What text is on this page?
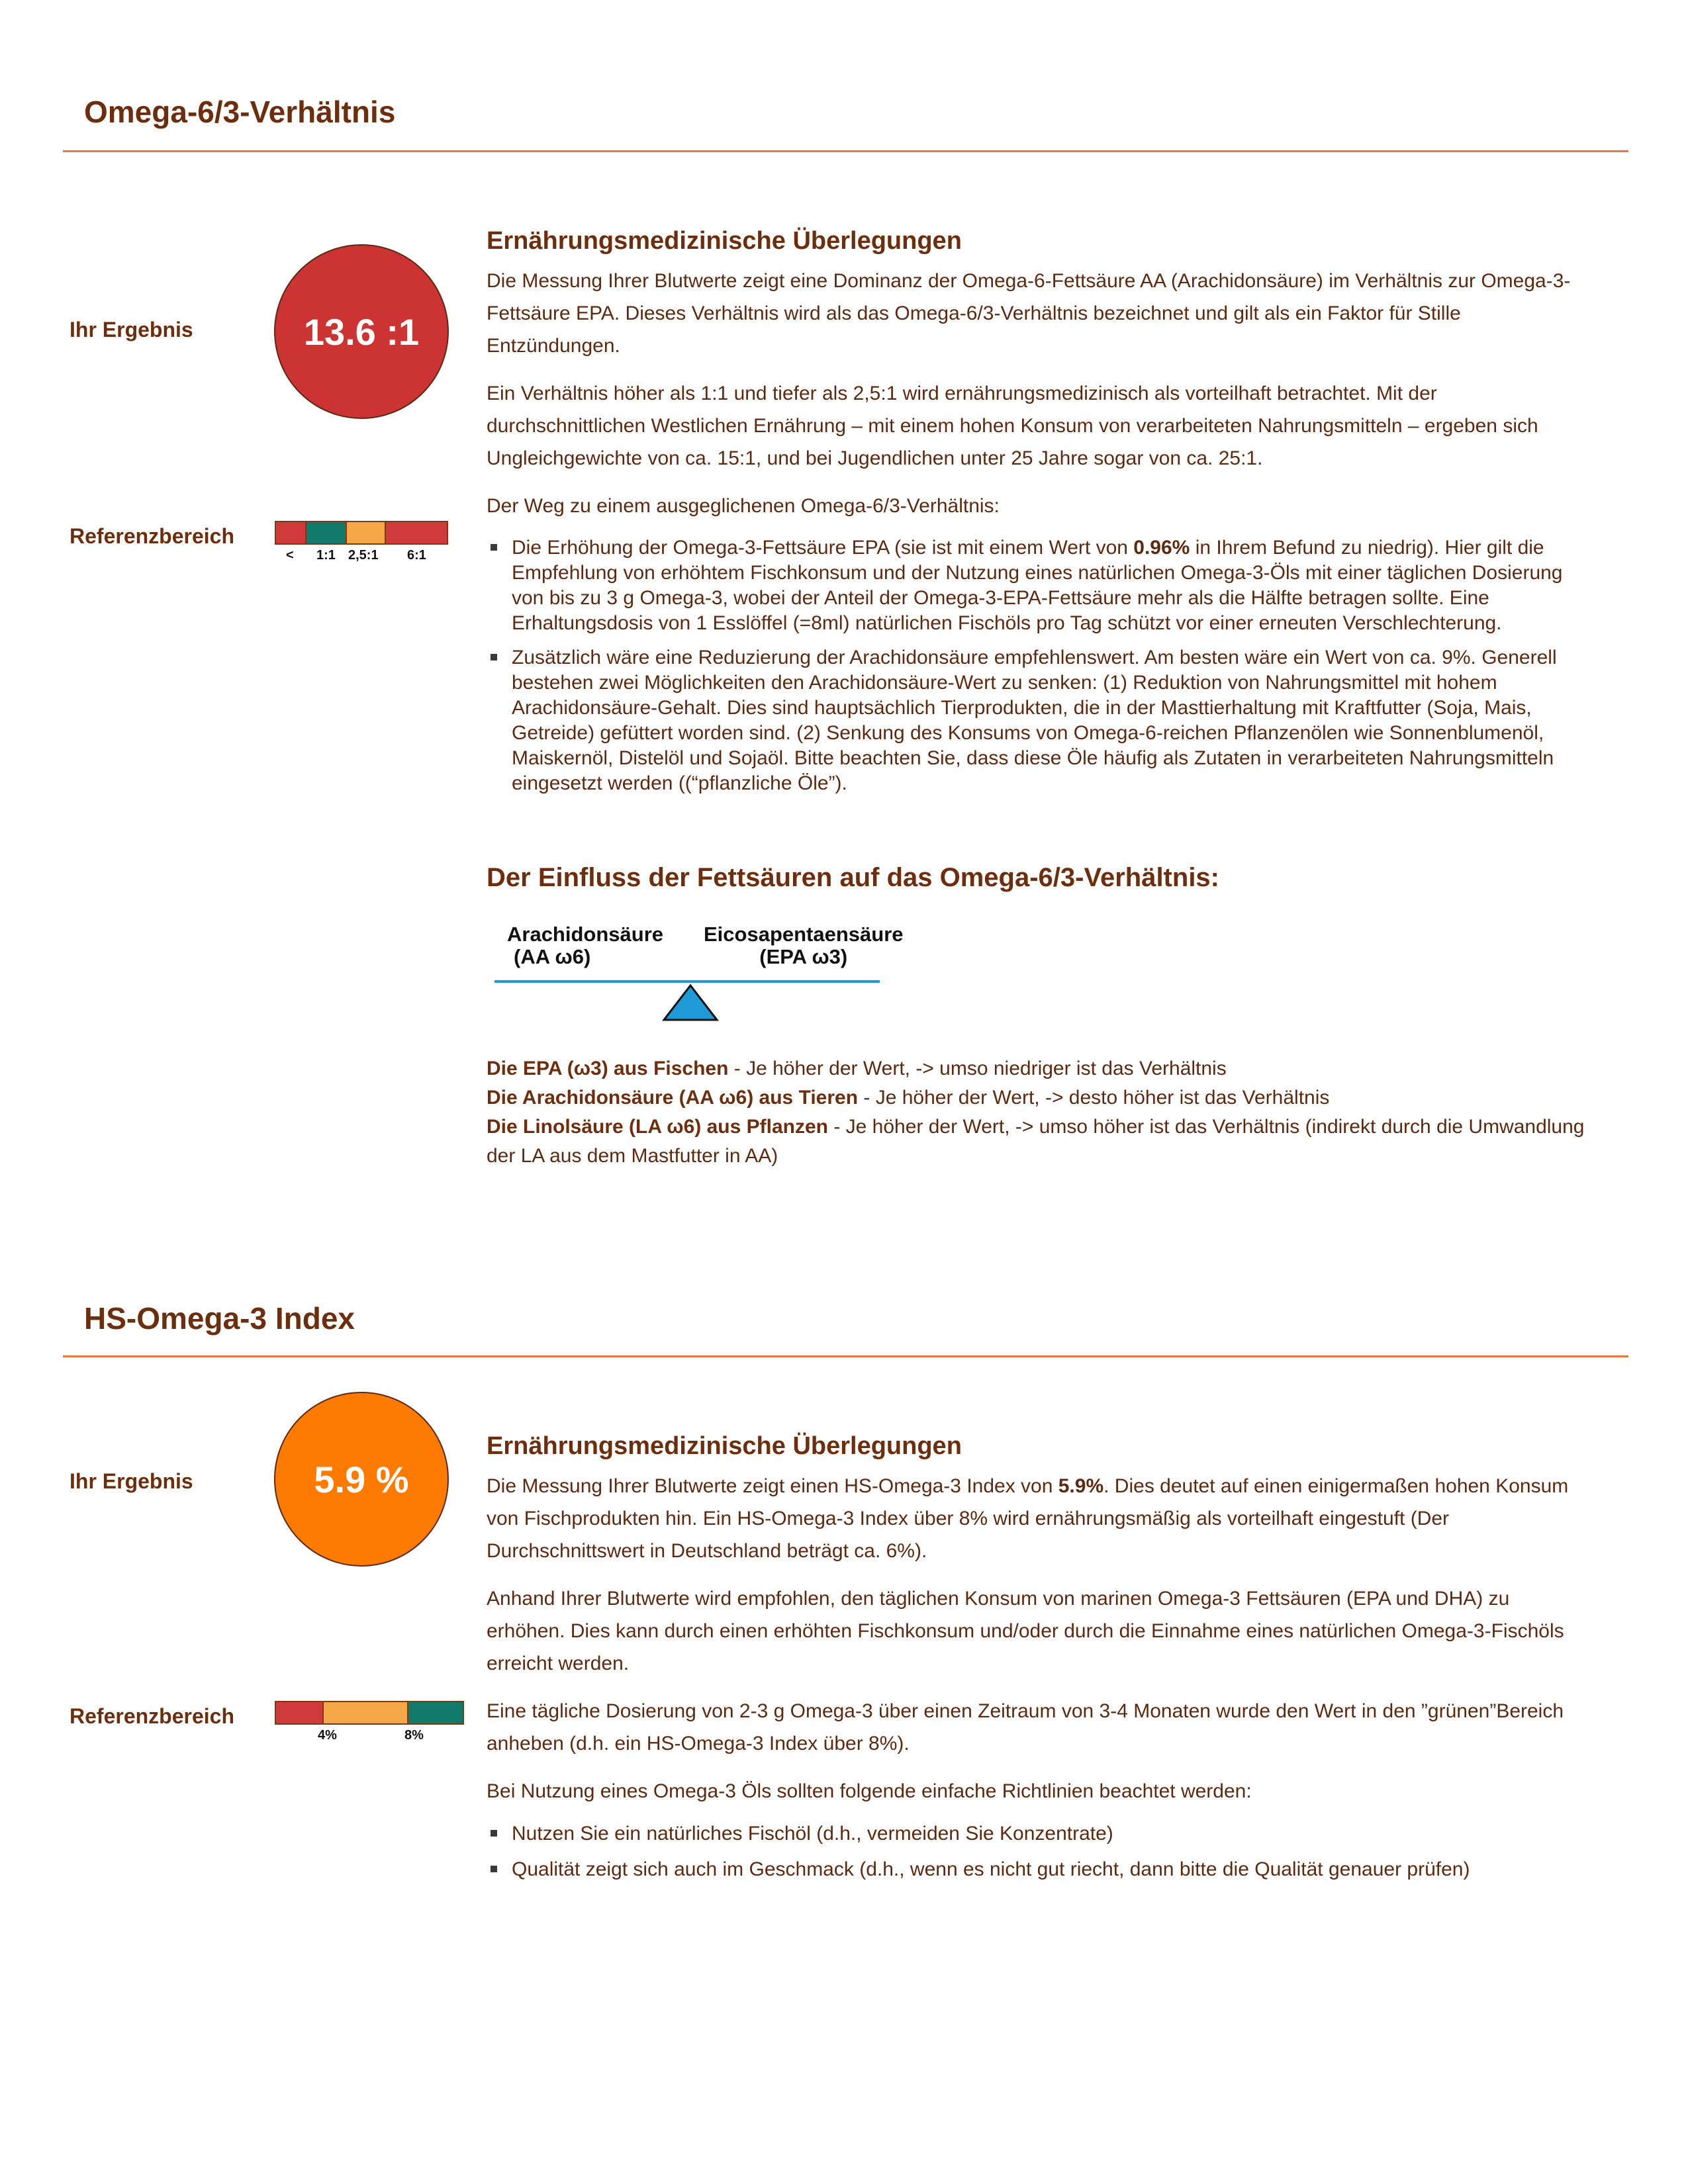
Omega-6/3-Verhältnis
Ihr Ergebnis	13.6 :1
Referenzbereich
< 1:1 2,5:1 6:1
Ernährungsmedizinische Überlegungen

Die Messung Ihrer Blutwerte zeigt eine Dominanz der Omega-6-Fettsäure AA (Arachidonsäure) im Verhältnis zur Omega-3-Fettsäure EPA. Dieses Verhältnis wird als das Omega-6/3-Verhältnis bezeichnet und gilt als ein Faktor für Stille Entzündungen.

Ein Verhältnis höher als 1:1 und tiefer als 2,5:1 wird ernährungsmedizinisch als vorteilhaft betrachtet. Mit der durchschnittlichen Westlichen Ernährung – mit einem hohen Konsum von verarbeiteten Nahrungsmitteln – ergeben sich Ungleichgewichte von ca. 15:1, und bei Jugendlichen unter 25 Jahre sogar von ca. 25:1.

Der Weg zu einem ausgeglichenen Omega-6/3-Verhältnis:

Die Erhöhung der Omega-3-Fettsäure EPA (sie ist mit einem Wert von 0.96% in Ihrem Befund zu niedrig). Hier gilt die Empfehlung von erhöhtem Fischkonsum und der Nutzung eines natürlichen Omega-3-Öls mit einer täglichen Dosierung von bis zu 3 g Omega-3, wobei der Anteil der Omega-3-EPA-Fettsäure mehr als die Hälfte betragen sollte. Eine Erhaltungsdosis von 1 Esslöffel (=8ml) natürlichen Fischöls pro Tag schützt vor einer erneuten Verschlechterung.
Zusätzlich wäre eine Reduzierung der Arachidonsäure empfehlenswert. Am besten wäre ein Wert von ca. 9%. Generell bestehen zwei Möglichkeiten den Arachidonsäure-Wert zu senken: (1) Reduktion von Nahrungsmittel mit hohem Arachidonsäure-Gehalt. Dies sind hauptsächlich Tierprodukten, die in der Masttierhaltung mit Kraftfutter (Soja, Mais, Getreide) gefüttert worden sind. (2) Senkung des Konsums von Omega-6-reichen Pflanzenölen wie Sonnenblumenöl, Maiskernöl, Distelöl und Sojaöl. Bitte beachten Sie, dass diese Öle häufig als Zutaten in verarbeiteten Nahrungsmitteln eingesetzt werden ((“pflanzliche Öle”).
Der Einfluss der Fettsäuren auf das Omega-6/3-Verhältnis:
Arachidonsäure
(AA ω6)
Eicosapentaensäure
(EPA ω3)
Die EPA (ω3) aus Fischen - Je höher der Wert, -> umso niedriger ist das Verhältnis
Die Arachidonsäure (AA ω6) aus Tieren - Je höher der Wert, -> desto höher ist das Verhältnis
Die Linolsäure (LA ω6) aus Pflanzen - Je höher der Wert, -> umso höher ist das Verhältnis (indirekt durch die Umwandlung der LA aus dem Mastfutter in AA)
HS-Omega-3 Index
Ihr Ergebnis	5.9 %
Referenzbereich
4%	8%
Ernährungsmedizinische Überlegungen

Die Messung Ihrer Blutwerte zeigt einen HS-Omega-3 Index von 5.9%. Dies deutet auf einen einigermaßen hohen Konsum von Fischprodukten hin. Ein HS-Omega-3 Index über 8% wird ernährungsmäßig als vorteilhaft eingestuft (Der Durchschnittswert in Deutschland beträgt ca. 6%).

Anhand Ihrer Blutwerte wird empfohlen, den täglichen Konsum von marinen Omega-3 Fettsäuren (EPA und DHA) zu erhöhen. Dies kann durch einen erhöhten Fischkonsum und/oder durch die Einnahme eines natürlichen Omega-3-Fischöls erreicht werden.

Eine tägliche Dosierung von 2-3 g Omega-3 über einen Zeitraum von 3-4 Monaten wurde den Wert in den ”grünen”Bereich anheben (d.h. ein HS-Omega-3 Index über 8%).

Bei Nutzung eines Omega-3 Öls sollten folgende einfache Richtlinien beachtet werden:

Nutzen Sie ein natürliches Fischöl (d.h., vermeiden Sie Konzentrate)
Qualität zeigt sich auch im Geschmack (d.h., wenn es nicht gut riecht, dann bitte die Qualität genauer prüfen)
